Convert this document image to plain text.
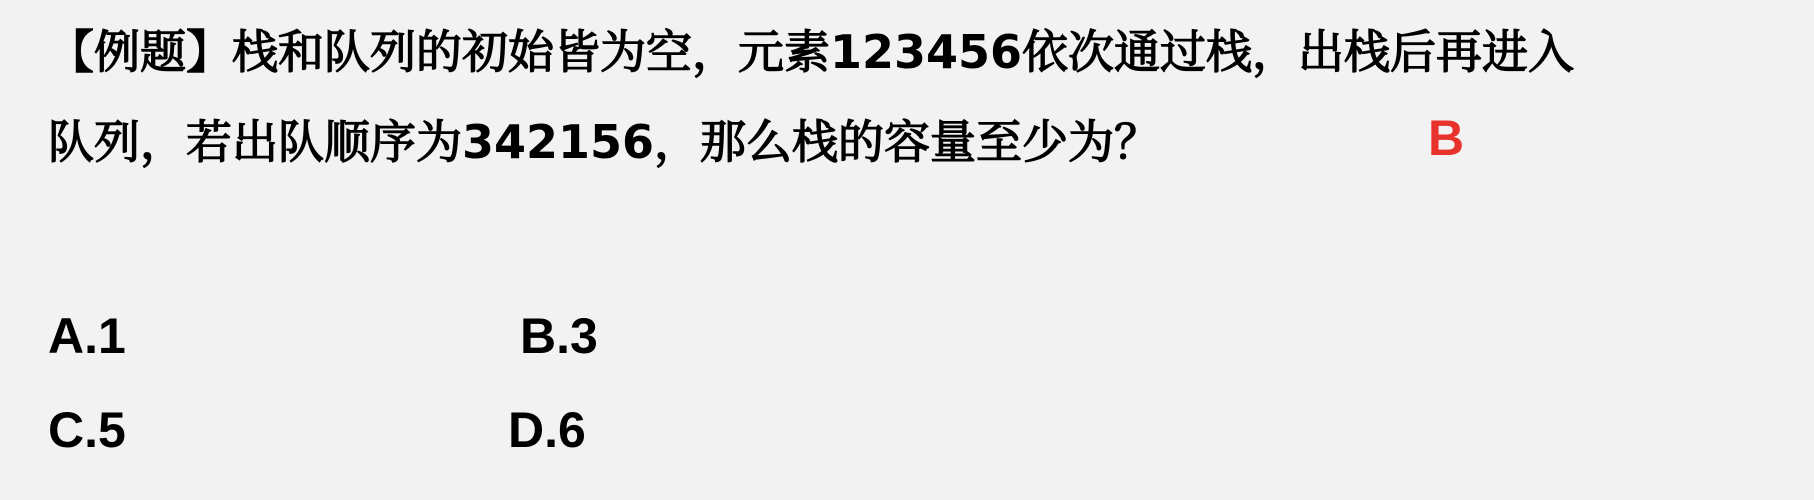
【例题】栈和队列的初始皆为空，元素123456依次通过栈，出栈后再进入
队列，若出队顺序为342156，那么栈的容量至少为？	B
A.1	B.3
C.5	D.6
